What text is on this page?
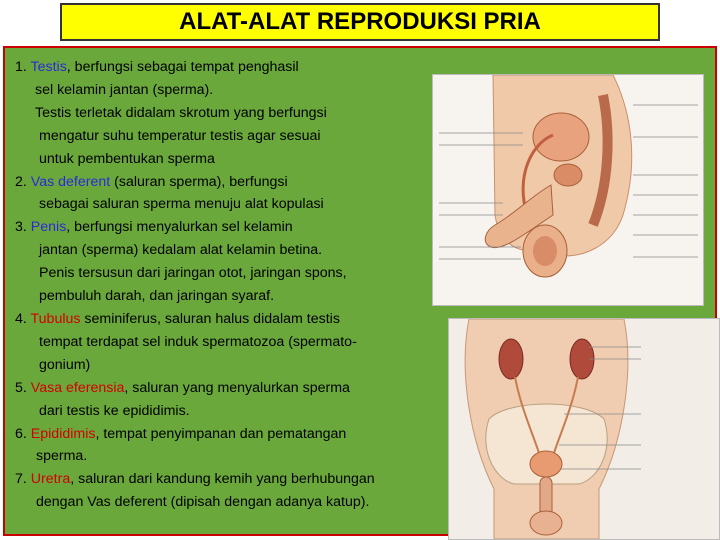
ALAT-ALAT REPRODUKSI PRIA
1. Testis, berfungsi sebagai tempat penghasil
sel kelamin jantan (sperma).
Testis terletak didalam skrotum yang berfungsi
mengatur suhu temperatur testis agar sesuai
untuk pembentukan sperma
2. Vas deferent (saluran sperma), berfungsi
sebagai saluran sperma menuju alat kopulasi
3. Penis, berfungsi menyalurkan sel kelamin
jantan (sperma) kedalam alat kelamin betina.
Penis tersusun dari jaringan otot, jaringan spons,
pembuluh darah, dan jaringan syaraf.
4. Tubulus seminiferus, saluran halus didalam testis
tempat terdapat sel induk spermatozoa (spermato-
gonium)
5. Vasa eferensia, saluran yang menyalurkan sperma
dari testis ke epididimis.
6. Epididimis, tempat penyimpanan dan pematangan
sperma.
7. Uretra, saluran dari kandung kemih yang berhubungan
dengan Vas deferent (dipisah dengan adanya katup).
